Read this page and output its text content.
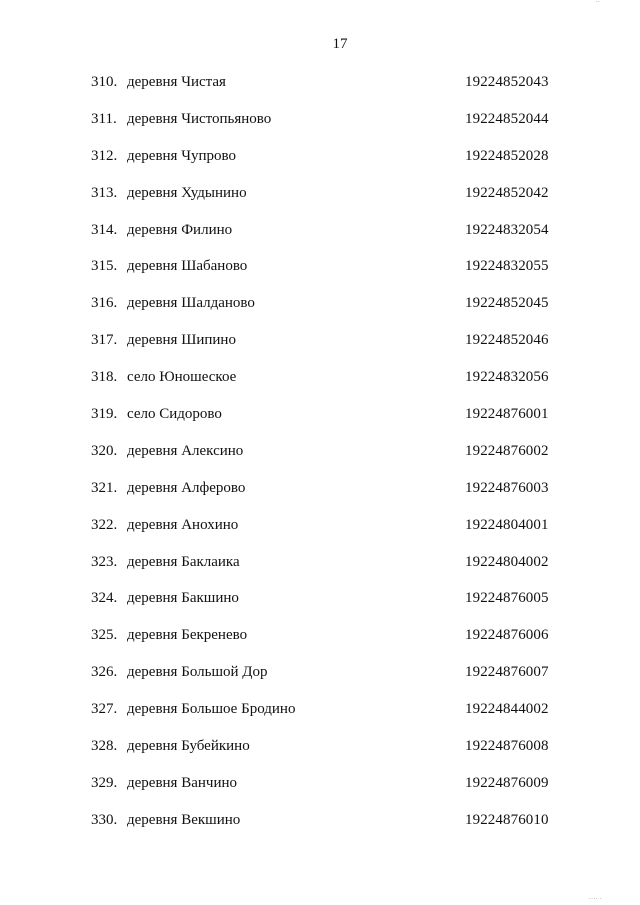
´´
17
310. деревня Чистая	19224852043
311. деревня Чистопьяново	19224852044
312. деревня Чупрово	19224852028
313. деревня Худынино	19224852042
314. деревня Филино	19224832054
315. деревня Шабаново	19224832055
316. деревня Шалданово	19224852045
317. деревня Шипино	19224852046
318. село Юношеское	19224832056
319. село Сидорово	19224876001
320. деревня Алексино	19224876002
321. деревня Алферово	19224876003
322. деревня Анохино	19224804001
323. деревня Баклаика	19224804002
324. деревня Бакшино	19224876005
325. деревня Бекренево	19224876006
326. деревня Большой Дор	19224876007
327. деревня Большое Бродино	19224844002
328. деревня Бубейкино	19224876008
329. деревня Ванчино	19224876009
330. деревня Векшино	19224876010
···· ·
